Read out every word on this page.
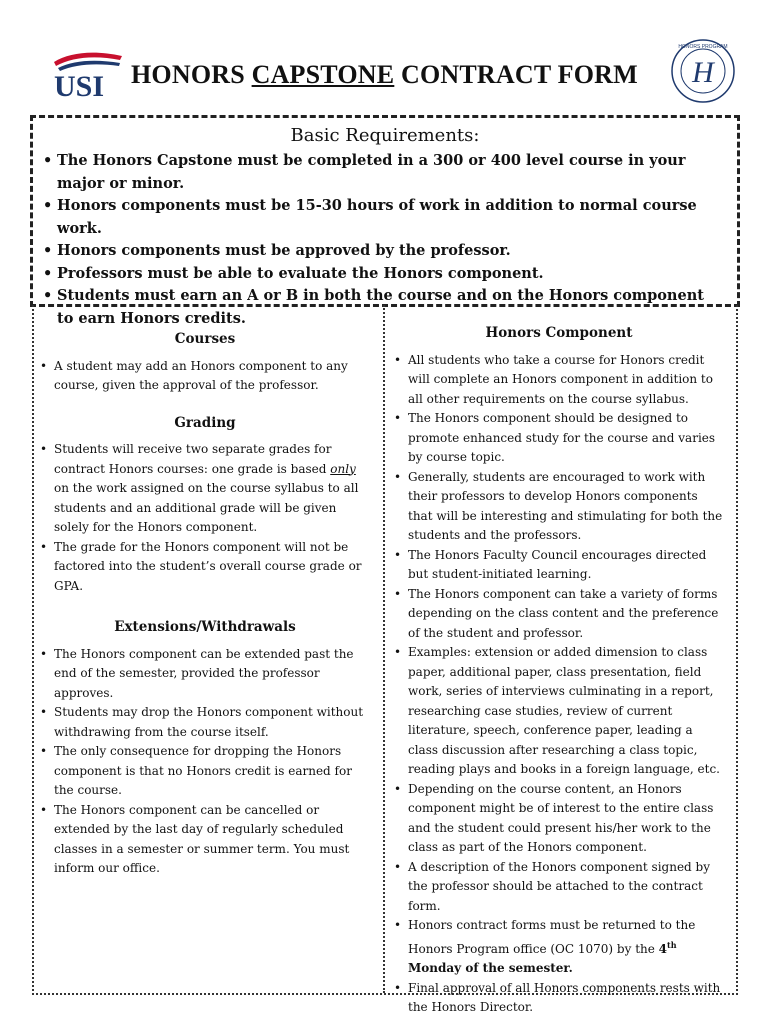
USI HONORS CAPSTONE CONTRACT FORM
HONORS PROGRAM
H
Basic Requirements:
• The Honors Capstone must be completed in a 300 or 400 level course in your major or minor.
• Honors components must be 15-30 hours of work in addition to normal course work.
• Honors components must be approved by the professor.
• Professors must be able to evaluate the Honors component.
• Students must earn an A or B in both the course and on the Honors component to earn Honors credits.
Courses
• A student may add an Honors component to any course, given the approval of the professor.
Grading
• Students will receive two separate grades for contract Honors courses: one grade is based only on the work assigned on the course syllabus to all students and an additional grade will be given solely for the Honors component.
• The grade for the Honors component will not be factored into the student’s overall course grade or GPA.
Extensions/Withdrawals
• The Honors component can be extended past the end of the semester, provided the professor approves.
• Students may drop the Honors component without withdrawing from the course itself.
• The only consequence for dropping the Honors component is that no Honors credit is earned for the course.
• The Honors component can be cancelled or extended by the last day of regularly scheduled classes in a semester or summer term. You must inform our office.
Honors Component
• All students who take a course for Honors credit will complete an Honors component in addition to all other requirements on the course syllabus.
• The Honors component should be designed to promote enhanced study for the course and varies by course topic.
• Generally, students are encouraged to work with their professors to develop Honors components that will be interesting and stimulating for both the students and the professors.
• The Honors Faculty Council encourages directed but student-initiated learning.
• The Honors component can take a variety of forms depending on the class content and the preference of the student and professor.
• Examples: extension or added dimension to class paper, additional paper, class presentation, field work, series of interviews culminating in a report, researching case studies, review of current literature, speech, conference paper, leading a class discussion after researching a class topic, reading plays and books in a foreign language, etc.
• Depending on the course content, an Honors component might be of interest to the entire class and the student could present his/her work to the class as part of the Honors component.
• A description of the Honors component signed by the professor should be attached to the contract form.
• Honors contract forms must be returned to the Honors Program office (OC 1070) by the 4th Monday of the semester.
• Final approval of all Honors components rests with the Honors Director.
